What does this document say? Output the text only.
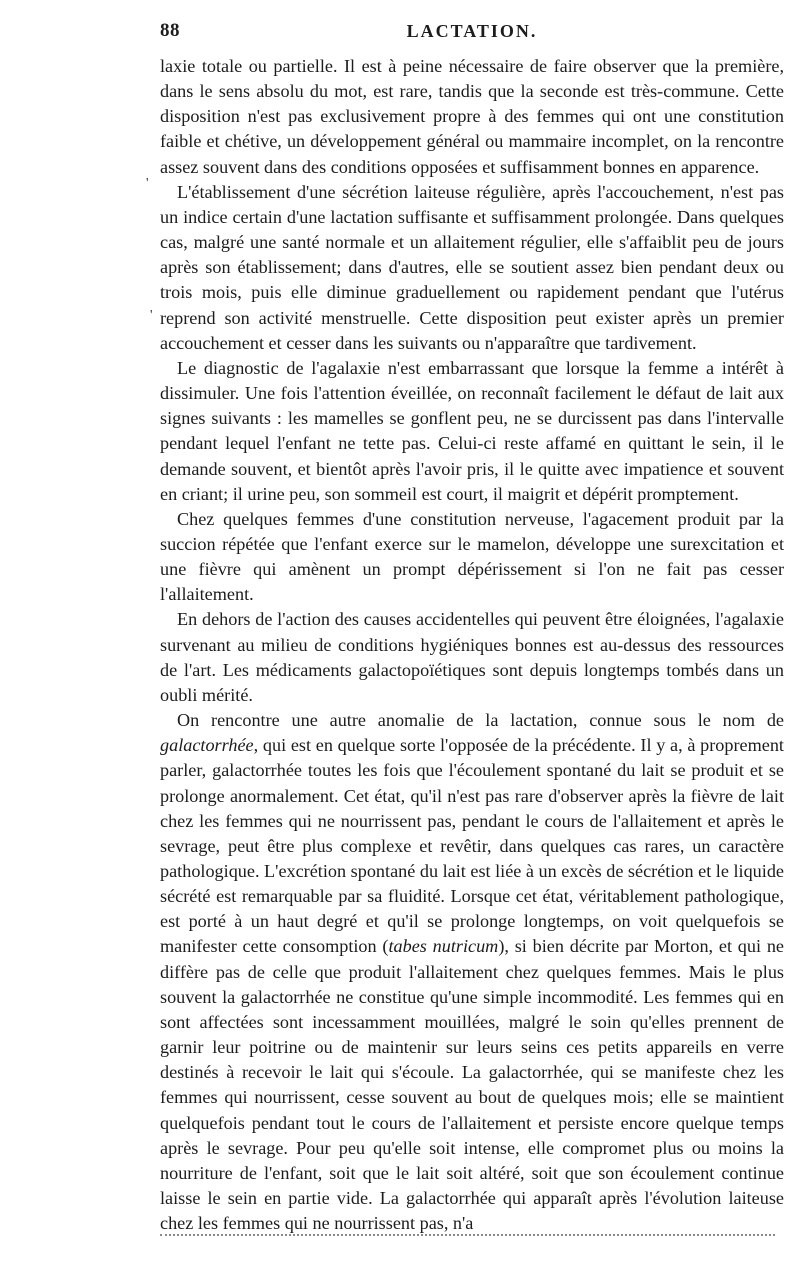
88	LACTATION.
'
'

laxie totale ou partielle. Il est à peine nécessaire de faire observer que la première, dans le sens absolu du mot, est rare, tandis que la seconde est très-commune. Cette disposition n'est pas exclusivement propre à des femmes qui ont une constitution faible et chétive, un développement général ou mammaire incomplet, on la rencontre assez souvent dans des conditions opposées et suffisamment bonnes en apparence.

L'établissement d'une sécrétion laiteuse régulière, après l'accouchement, n'est pas un indice certain d'une lactation suffisante et suffisamment prolongée. Dans quelques cas, malgré une santé normale et un allaitement régulier, elle s'affaiblit peu de jours après son établissement; dans d'autres, elle se soutient assez bien pendant deux ou trois mois, puis elle diminue graduellement ou rapidement pendant que l'utérus reprend son activité menstruelle. Cette disposition peut exister après un premier accouchement et cesser dans les suivants ou n'apparaître que tardivement.

Le diagnostic de l'agalaxie n'est embarrassant que lorsque la femme a intérêt à dissimuler. Une fois l'attention éveillée, on reconnaît facilement le défaut de lait aux signes suivants : les mamelles se gonflent peu, ne se durcissent pas dans l'intervalle pendant lequel l'enfant ne tette pas. Celui-ci reste affamé en quittant le sein, il le demande souvent, et bientôt après l'avoir pris, il le quitte avec impatience et souvent en criant; il urine peu, son sommeil est court, il maigrit et dépérit promptement.

Chez quelques femmes d'une constitution nerveuse, l'agacement produit par la succion répétée que l'enfant exerce sur le mamelon, développe une surexcitation et une fièvre qui amènent un prompt dépérissement si l'on ne fait pas cesser l'allaitement.

En dehors de l'action des causes accidentelles qui peuvent être éloignées, l'agalaxie survenant au milieu de conditions hygiéniques bonnes est au-dessus des ressources de l'art. Les médicaments galactopoïétiques sont depuis longtemps tombés dans un oubli mérité.

On rencontre une autre anomalie de la lactation, connue sous le nom de galactorrhée, qui est en quelque sorte l'opposée de la précédente. Il y a, à proprement parler, galactorrhée toutes les fois que l'écoulement spontané du lait se produit et se prolonge anormalement. Cet état, qu'il n'est pas rare d'observer après la fièvre de lait chez les femmes qui ne nourrissent pas, pendant le cours de l'allaitement et après le sevrage, peut être plus complexe et revêtir, dans quelques cas rares, un caractère pathologique. L'excrétion spontané du lait est liée à un excès de sécrétion et le liquide sécrété est remarquable par sa fluidité. Lorsque cet état, véritablement pathologique, est porté à un haut degré et qu'il se prolonge longtemps, on voit quelquefois se manifester cette consomption (tabes nutricum), si bien décrite par Morton, et qui ne diffère pas de celle que produit l'allaitement chez quelques femmes. Mais le plus souvent la galactorrhée ne constitue qu'une simple incommodité. Les femmes qui en sont affectées sont incessamment mouillées, malgré le soin qu'elles prennent de garnir leur poitrine ou de maintenir sur leurs seins ces petits appareils en verre destinés à recevoir le lait qui s'écoule. La galactorrhée, qui se manifeste chez les femmes qui nourrissent, cesse souvent au bout de quelques mois; elle se maintient quelquefois pendant tout le cours de l'allaitement et persiste encore quelque temps après le sevrage. Pour peu qu'elle soit intense, elle compromet plus ou moins la nourriture de l'enfant, soit que le lait soit altéré, soit que son écoulement continue laisse le sein en partie vide. La galactorrhée qui apparaît après l'évolution laiteuse chez les femmes qui ne nourrissent pas, n'a
